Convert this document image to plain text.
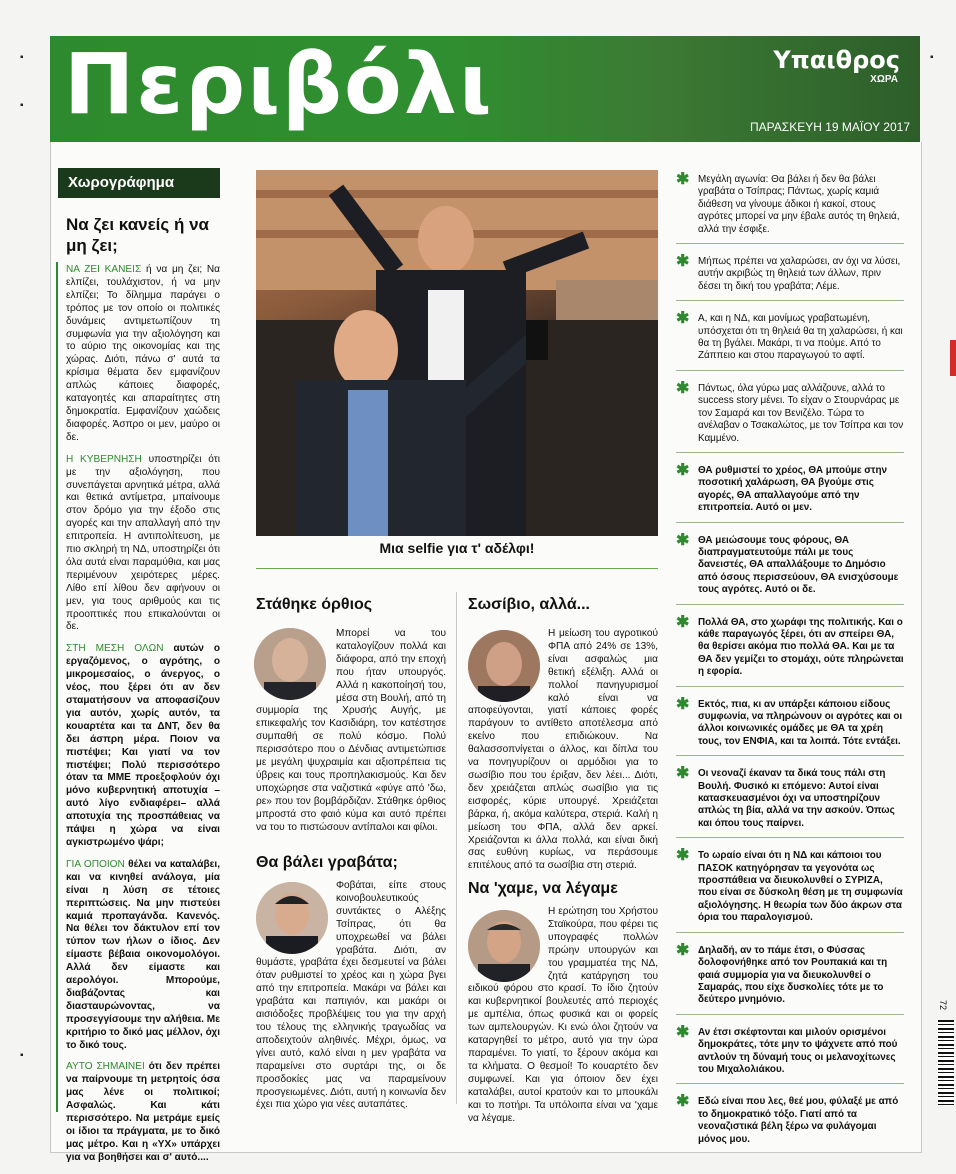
▪
▪
▪
▪
72
Περιβόλι	Υπαιθρος
ΧΩΡΑ
ΠΑΡΑΣΚΕΥΗ 19 ΜΑΪΟΥ 2017
Χωρογράφημα
Να ζει κανείς ή να μη ζει;

ΝΑ ΖΕΙ ΚΑΝΕΙΣ ή να μη ζει; Να ελπίζει, τουλάχιστον, ή να μην ελπίζει; Το δίλημμα παράγει ο τρόπος με τον οποίο οι πολιτικές δυνάμεις αντιμετωπίζουν τη συμφωνία για την αξιολόγηση και το αύριο της οικονομίας και της χώρας. Διότι, πάνω σ' αυτά τα κρίσιμα θέματα δεν εμφανίζουν απλώς κάποιες διαφορές, καταγοητές και απαραίτητες στη δημοκρατία. Εμφανίζουν χαώδεις διαφορές. Άσπρο οι μεν, μαύρο οι δε.

Η ΚΥΒΕΡΝΗΣΗ υποστηρίζει ότι με την αξιολόγηση, που συνεπάγεται αρνητικά μέτρα, αλλά και θετικά αντίμετρα, μπαίνουμε στον δρόμο για την έξοδο στις αγορές και την απαλλαγή από την επιτροπεία. Η αντιπολίτευση, με πιο σκληρή τη ΝΔ, υποστηρίζει ότι όλα αυτά είναι παραμύθια, και μας περιμένουν χειρότερες μέρες. Λίθο επί λίθου δεν αφήνουν οι μεν, για τους αριθμούς και τις προοπτικές που επικαλούνται οι δε.

ΣΤΗ ΜΕΣΗ ΟΛΩΝ αυτών ο εργαζόμενος, ο αγρότης, ο μικρομεσαίος, ο άνεργος, ο νέος, που ξέρει ότι αν δεν σταματήσουν να αποφασίζουν για αυτόν, χωρίς αυτόν, τα κουαρτέτα και τα ΔΝΤ, δεν θα δει άσπρη μέρα. Ποιον να πιστέψει; Και γιατί να τον πιστέψει; Πολύ περισσότερο όταν τα ΜΜΕ προεξοφλούν όχι μόνο κυβερνητική αποτυχία –αυτό λίγο ενδιαφέρει– αλλά αποτυχία της προσπάθειας να πάψει η χώρα να είναι αγκιστρωμένο ψάρι;

ΓΙΑ ΟΠΟΙΟΝ θέλει να καταλάβει, και να κινηθεί ανάλογα, μία είναι η λύση σε τέτοιες περιπτώσεις. Να μην πιστεύει καμιά προπαγάνδα. Κανενός. Να θέλει τον δάκτυλον επί τον τύπον των ήλων ο ίδιος. Δεν είμαστε βέβαια οικονομολόγοι. Αλλά δεν είμαστε και αερολόγοι. Μπορούμε, διαβάζοντας και διασταυρώνοντας, να προσεγγίσουμε την αλήθεια. Με κριτήριο το δικό μας μέλλον, όχι το δικό τους.

ΑΥΤΟ ΣΗΜΑΙΝΕΙ ότι δεν πρέπει να παίρνουμε τη μετρητοίς όσα μας λένε οι πολιτικοί; Ασφαλώς. Και κάτι περισσότερο. Να μετράμε εμείς οι ίδιοι τα πράγματα, με το δικό μας μέτρο. Και η «ΥΧ» υπάρχει για να βοηθήσει και σ' αυτό....

Μια selfie για τ' αδέλφι!
Στάθηκε όρθιος
Μπορεί να του καταλογίζουν πολλά και διάφορα, από την εποχή που ήταν υπουργός. Αλλά η κακοποίησή του, μέσα στη Βουλή, από τη συμμορία της Χρυσής Αυγής, με επικεφαλής τον Κασιδιάρη, τον κατέστησε συμπαθή σε πολύ κόσμο. Πολύ περισσότερο που ο Δένδιας αντιμετώπισε με μεγάλη ψυχραιμία και αξιοπρέπεια τις ύβρεις και τους προπηλακισμούς. Και δεν υποχώρησε στα ναζιστικά «φύγε από 'δω, ρε» που τον βομβάρδιζαν. Στάθηκε όρθιος μπροστά στο φαιό κύμα και αυτό πρέπει να του το πιστώσουν αντίπαλοι και φίλοι.
Σωσίβιο, αλλά...
Η μείωση του αγροτικού ΦΠΑ από 24% σε 13%, είναι ασφαλώς μια θετική εξέλιξη. Αλλά οι πολλοί πανηγυρισμοί καλό είναι να αποφεύγονται, γιατί κάποιες φορές παράγουν το αντίθετο αποτέλεσμα από εκείνο που επιδιώκουν. Να θαλασσοπνίγεται ο άλλος, και δίπλα του να πονηγυρίζουν οι αρμόδιοι για το σωσίβιο που του έριξαν, δεν λέει... Διότι, δεν χρειάζεται απλώς σωσίβιο για τις εισφορές, κύριε υπουργέ. Χρειάζεται βάρκα, ή, ακόμα καλύτερα, στεριά. Καλή η μείωση του ΦΠΑ, αλλά δεν αρκεί. Χρειάζονται κι άλλα πολλά, και είναι δική σας ευθύνη κυρίως, να περάσουμε επιτέλους από τα σωσίβια στη στεριά.
Θα βάλει γραβάτα;
Φοβάται, είπε στους κοινοβουλευτικούς συντάκτες ο Αλέξης Τσίπρας, ότι θα υποχρεωθεί να βάλει γραβάτα. Διότι, αν θυμάστε, γραβάτα έχει δεσμευτεί να βάλει όταν ρυθμιστεί το χρέος και η χώρα βγει από την επιτροπεία. Μακάρι να βάλει και γραβάτα και παπιγιόν, και μακάρι οι αισιόδοξες προβλέψεις του για την αρχή του τέλους της ελληνικής τραγωδίας να αποδειχτούν αληθινές. Μέχρι, όμως, να γίνει αυτό, καλό είναι η μεν γραβάτα να παραμείνει στο συρτάρι της, οι δε προσδοκίες μας να παραμείνουν προσγειωμένες. Διότι, αυτή η κοινωνία δεν έχει πια χώρο για νέες αυταπάτες.
Να 'χαμε, να λέγαμε
Η ερώτηση του Χρήστου Σταϊκούρα, που φέρει τις υπογραφές πολλών πρώην υπουργών και του γραμματέα της ΝΔ, ζητά κατάργηση του ειδικού φόρου στο κρασί. Το ίδιο ζητούν και κυβερνητικοί βουλευτές από περιοχές με αμπέλια, όπως φυσικά και οι φορείς των αμπελουργών. Κι ενώ όλοι ζητούν να καταργηθεί το μέτρο, αυτό για την ώρα παραμένει. Το γιατί, το ξέρουν ακόμα και τα κλήματα. Ο θεσμοί! Το κουαρτέτο δεν συμφωνεί. Και για όποιον δεν έχει καταλάβει, αυτοί κρατούν και το μπουκάλι και το ποτήρι. Τα υπόλοιπα είναι να 'χαμε να λέγαμε.
✱ Μεγάλη αγωνία: Θα βάλει ή δεν θα βάλει γραβάτα ο Τσίπρας; Πάντως, χωρίς καμιά διάθεση να γίνουμε άδικοι ή κακοί, στους αγρότες μπορεί να μην έβαλε αυτός τη θηλειά, αλλά την έσφιξε.
✱ Μήπως πρέπει να χαλαρώσει, αν όχι να λύσει, αυτήν ακριβώς τη θηλειά των άλλων, πριν δέσει τη δική του γραβάτα; Λέμε.
✱ Α, και η ΝΔ, και μονίμως γραβατωμένη, υπόσχεται ότι τη θηλειά θα τη χαλαρώσει, ή και θα τη βγάλει. Μακάρι, τι να πούμε. Από το Ζάππειο και στου παραγωγού το αφτί.
✱ Πάντως, όλα γύρω μας αλλάζουνε, αλλά το success story μένει. Το είχαν ο Στουρνάρας με τον Σαμαρά και τον Βενιζέλο. Τώρα το ανέλαβαν ο Τσακαλώτος, με τον Τσίπρα και τον Καμμένο.
✱ ΘΑ ρυθμιστεί το χρέος, ΘΑ μπούμε στην ποσοτική χαλάρωση, ΘΑ βγούμε στις αγορές, ΘΑ απαλλαγούμε από την επιτροπεία. Αυτό οι μεν.
✱ ΘΑ μειώσουμε τους φόρους, ΘΑ διαπραγματευτούμε πάλι με τους δανειστές, ΘΑ απαλλάξουμε το Δημόσιο από όσους περισσεύουν, ΘΑ ενισχύσουμε τους αγρότες. Αυτό οι δε.
✱ Πολλά ΘΑ, στο χωράφι της πολιτικής. Και ο κάθε παραγωγός ξέρει, ότι αν σπείρει ΘΑ, θα θερίσει ακόμα πιο πολλά ΘΑ. Και με τα ΘΑ δεν γεμίζει το στομάχι, ούτε πληρώνεται η εφορία.
✱ Εκτός, πια, κι αν υπάρξει κάποιου είδους συμφωνία, να πληρώνουν οι αγρότες και οι άλλοι κοινωνικές ομάδες με ΘΑ τα χρέη τους, τον ΕΝΦΙΑ, και τα λοιπά. Τότε εντάξει.
✱ Οι νεοναζί έκαναν τα δικά τους πάλι στη Βουλή. Φυσικό κι επόμενο: Αυτοί είναι κατασκευασμένοι όχι να υποστηρίζουν απλώς τη βία, αλλά να την ασκούν. Όπως και όπου τους παίρνει.
✱ Το ωραίο είναι ότι η ΝΔ και κάποιοι του ΠΑΣΟΚ κατηγόρησαν τα γεγονότα ως προσπάθεια να διευκολυνθεί ο ΣΥΡΙΖΑ, που είναι σε δύσκολη θέση με τη συμφωνία αξιολόγησης. Η θεωρία των δύο άκρων στα όρια του παραλογισμού.
✱ Δηλαδή, αν το πάμε έτσι, ο Φύσσας δολοφονήθηκε από τον Ρουπακιά και τη φαιά συμμορία για να διευκολυνθεί ο Σαμαράς, που είχε δυσκολίες τότε με το δεύτερο μνημόνιο.
✱ Αν έτσι σκέφτονται και μιλούν ορισμένοι δημοκράτες, τότε μην το ψάχνετε από πού αντλούν τη δύναμή τους οι μελανοχίτωνες του Μιχαλολιάκου.
✱ Εδώ είναι που λες, θεέ μου, φύλαξέ με από το δημοκρατικό τόξο. Γιατί από τα νεοναζιστικά βέλη ξέρω να φυλάγομαι μόνος μου.
